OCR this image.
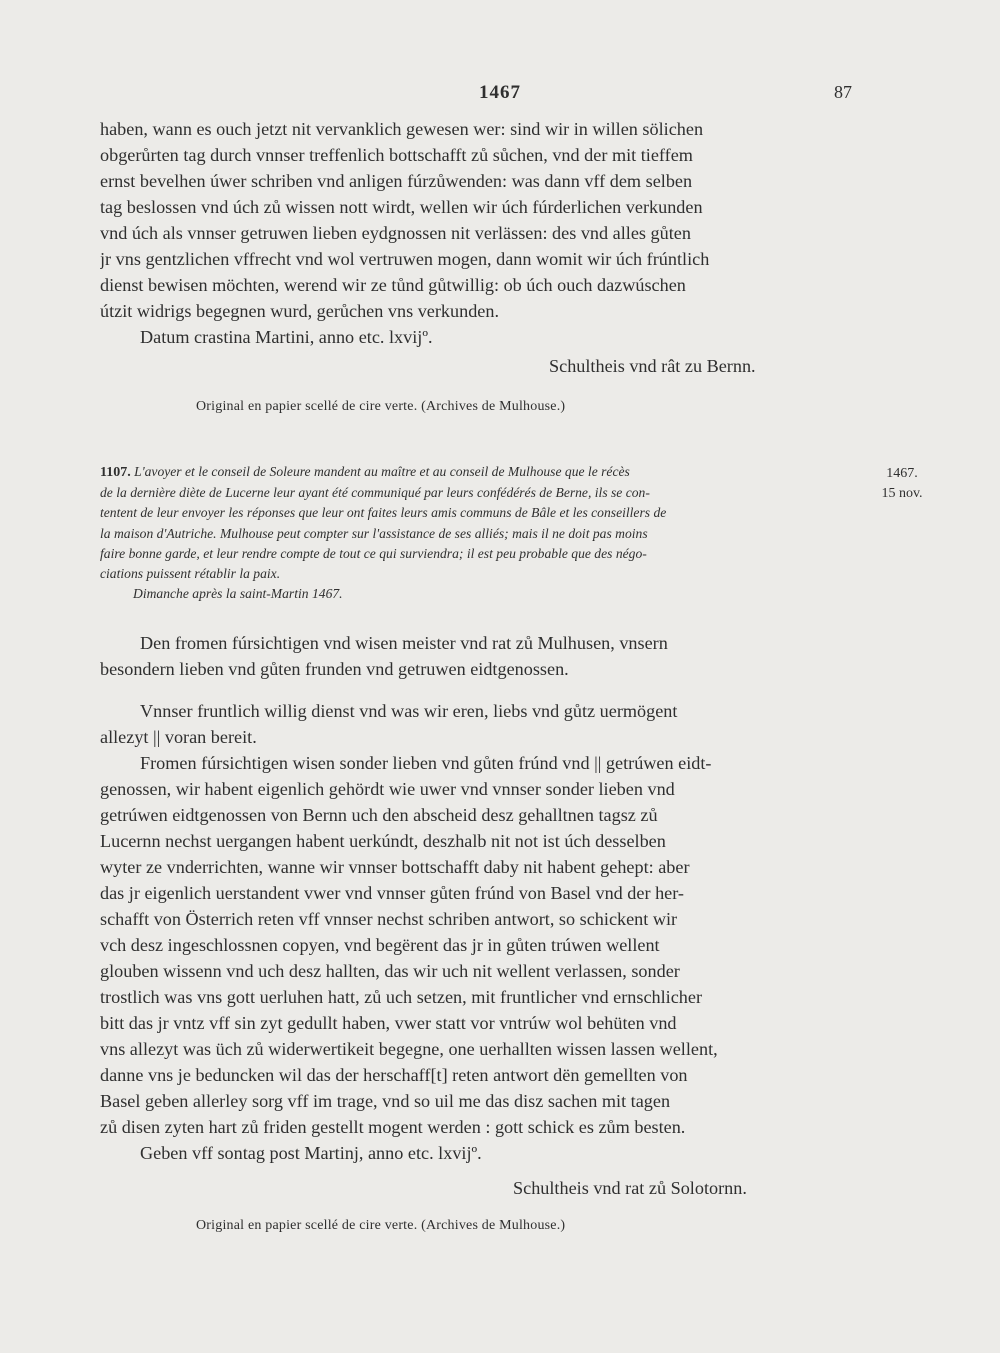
1467	87

haben, wann es ouch jetzt nit vervanklich gewesen wer: sind wir in willen sölichen
obgerůrten tag durch vnnser treffenlich bottschafft zů sůchen, vnd der mit tieffem
ernst bevelhen úwer schriben vnd anligen fúrzůwenden: was dann vff dem selben
tag beslossen vnd úch zů wissen nott wirdt, wellen wir úch fúrderlichen verkunden
vnd úch als vnnser getruwen lieben eydgnossen nit verlässen: des vnd alles gůten
jr vns gentzlichen vffrecht vnd wol vertruwen mogen, dann womit wir úch frúntlich
dienst bewisen möchten, werend wir ze tůnd gůtwillig: ob úch ouch dazwúschen
útzit widrigs begegnen wurd, gerůchen vns verkunden.
Datum crastina Martini, anno etc. lxvijº.

Schultheis vnd rât zu Bernn.
Original en papier scellé de cire verte. (Archives de Mulhouse.)
1107. L'avoyer et le conseil de Soleure mandent au maître et au conseil de Mulhouse que le récès
de la dernière diète de Lucerne leur ayant été communiqué par leurs confédérés de Berne, ils se con-
tentent de leur envoyer les réponses que leur ont faites leurs amis communs de Bâle et les conseillers de
la maison d'Autriche. Mulhouse peut compter sur l'assistance de ses alliés; mais il ne doit pas moins
faire bonne garde, et leur rendre compte de tout ce qui surviendra; il est peu probable que des négo-
ciations puissent rétablir la paix.
Dimanche après la saint-Martin 1467.
1467.
15 nov.

Den fromen fúrsichtigen vnd wisen meister vnd rat zů Mulhusen, vnsern
besondern lieben vnd gůten frunden vnd getruwen eidtgenossen.

Vnnser fruntlich willig dienst vnd was wir eren, liebs vnd gůtz uermögent
allezyt || voran bereit.
Fromen fúrsichtigen wisen sonder lieben vnd gůten frúnd vnd || getrúwen eidt-
genossen, wir habent eigenlich gehördt wie uwer vnd vnnser sonder lieben vnd
getrúwen eidtgenossen von Bernn uch den abscheid desz gehalltnen tagsz zů
Lucernn nechst uergangen habent uerkúndt, deszhalb nit not ist úch desselben
wyter ze vnderrichten, wanne wir vnnser bottschafft daby nit habent gehept: aber
das jr eigenlich uerstandent vwer vnd vnnser gůten frúnd von Basel vnd der her-
schafft von Österrich reten vff vnnser nechst schriben antwort, so schickent wir
vch desz ingeschlossnen copyen, vnd begërent das jr in gůten trúwen wellent
glouben wissenn vnd uch desz hallten, das wir uch nit wellent verlassen, sonder
trostlich was vns gott uerluhen hatt, zů uch setzen, mit fruntlicher vnd ernschlicher
bitt das jr vntz vff sin zyt gedullt haben, vwer statt vor vntrúw wol behüten vnd
vns allezyt was üch zů widerwertikeit begegne, one uerhallten wissen lassen wellent,
danne vns je beduncken wil das der herschaff[t] reten antwort dën gemellten von
Basel geben allerley sorg vff im trage, vnd so uil me das disz sachen mit tagen
zů disen zyten hart zů friden gestellt mogent werden : gott schick es zům besten.
Geben vff sontag post Martinj, anno etc. lxvijº.

Schultheis vnd rat zů Solotornn.
Original en papier scellé de cire verte. (Archives de Mulhouse.)
